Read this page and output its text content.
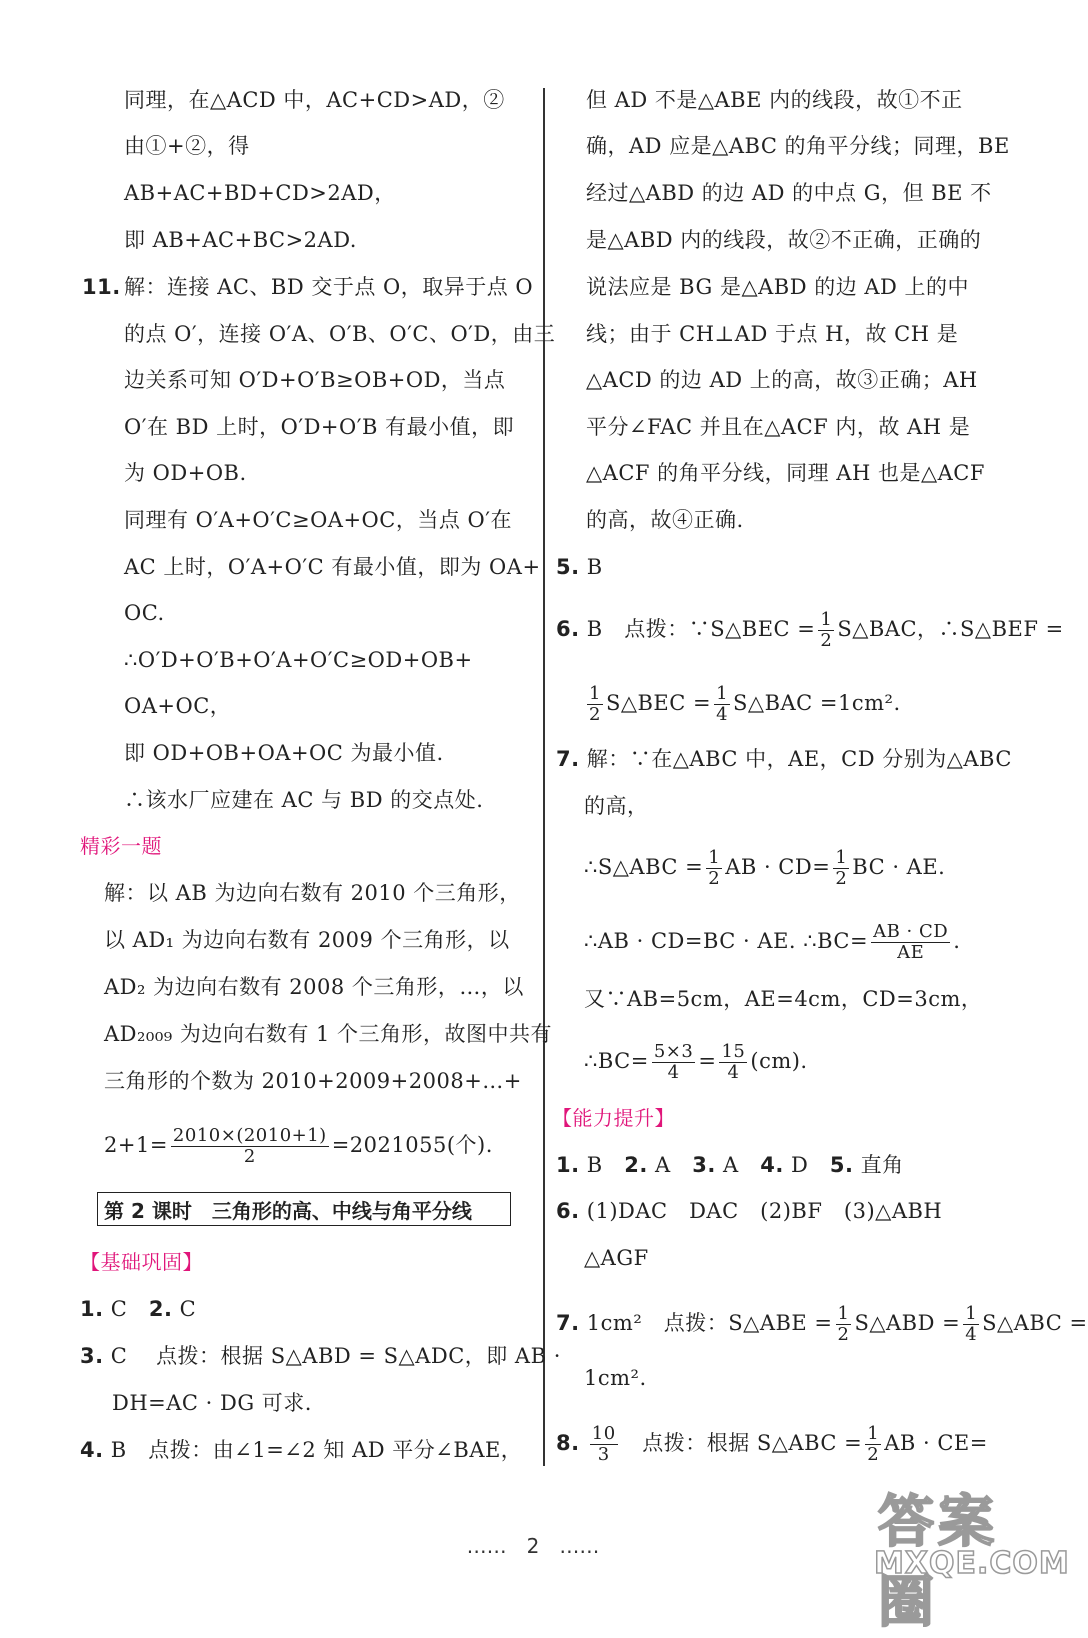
同理，在△ACD 中，AC+CD>AD，②
由①+②，得
AB+AC+BD+CD>2AD，
即 AB+AC+BC>2AD.
11. 解：连接 AC、BD 交于点 O，取异于点 O
的点 O′，连接 O′A、O′B、O′C、O′D，由三
边关系可知 O′D+O′B≥OB+OD，当点
O′在 BD 上时，O′D+O′B 有最小值，即
为 OD+OB.
同理有 O′A+O′C≥OA+OC，当点 O′在
AC 上时，O′A+O′C 有最小值，即为 OA+
OC.
∴O′D+O′B+O′A+O′C≥OD+OB+
OA+OC，
即 OD+OB+OA+OC 为最小值.
∴该水厂应建在 AC 与 BD 的交点处.
精彩一题
解：以 AB 为边向右数有 2010 个三角形，
以 AD₁ 为边向右数有 2009 个三角形，以
AD₂ 为边向右数有 2008 个三角形，…，以
AD₂₀₀₉ 为边向右数有 1 个三角形，故图中共有
三角形的个数为 2010+2009+2008+…+
$2+1= \frac{2010\times(2010+1)}{2} =2021055$(个).
第 2 课时　三角形的高、中线与角平分线
【基础巩固】
1. C 2. C
3. C 点拨：根据 S△ABD = S△ADC，即 AB ·
DH=AC · DG 可求.
4. B 点拨：由∠1=∠2 知 AD 平分∠BAE，
但 AD 不是△ABE 内的线段，故①不正
确，AD 应是△ABC 的角平分线；同理，BE
经过△ABD 的边 AD 的中点 G，但 BE 不
是△ABD 内的线段，故②不正确，正确的
说法应是 BG 是△ABD 的边 AD 上的中
线；由于 CH⊥AD 于点 H，故 CH 是
△ACD 的边 AD 上的高，故③正确；AH
平分∠FAC 并且在△ACF 内，故 AH 是
△ACF 的角平分线，同理 AH 也是△ACF
的高，故④正确.
5. B
6. B 点拨：∵S△BEC = $\frac{1}{2}$ S△BAC，∴S△BEF =
$\frac{1}{2}$ S△BEC = $\frac{1}{4}$ S△BAC =1cm².
7. 解：∵在△ABC 中，AE，CD 分别为△ABC
的高，
∴S△ABC = $\frac{1}{2}$ AB · $CD= \frac{1}{2}$ BC · AE.
∴AB · CD=BC · AE. ∴BC= $\frac{AB \cdot CD}{AE}$ .
又∵AB=5cm，AE=4cm，CD=3cm，
∴BC= $\frac{5\times 3}{4} = \frac{15}{4} (cm)$.
【能力提升】
1. B 2. A 3. A 4. D 5. 直角
6. (1)DAC　DAC　(2)BF　(3)△ABH
△AGF
7. 1cm² 点拨：S△ABE = $\frac{1}{2}$ S△ABD = $\frac{1}{4}$ S△ABC =
1cm².
8. $\frac{10}{3}$ 点拨：根据 S△ABC = $\frac{1}{2}$ AB · CE=
……　2　……	答案圈
MXQE.COM
